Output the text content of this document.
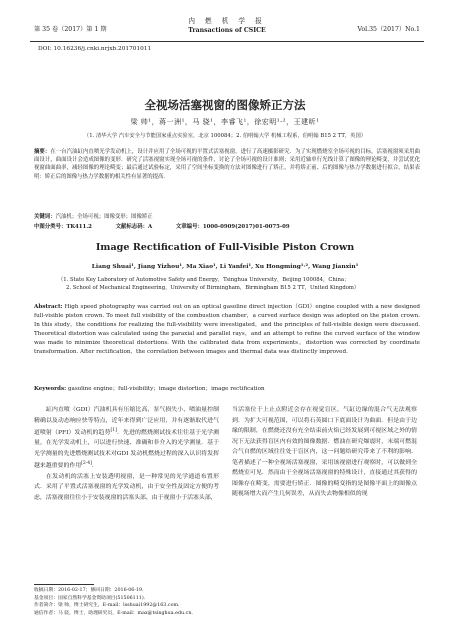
第 35 卷（2017）第 1 期
内 燃 机 学 报
Transactions of CSICE	Vol.35（2017）No.1
DOI: 10.16236/j.cnki.nrjxb.201701011
全视场活塞视窗的图像矫正方法
梁 帅¹，蒋一洲¹，马 骁¹，李睿飞¹，徐宏明¹·²，王建昕¹
（1. 清华大学 汽车安全与节能国家重点实验室，北京 100084；2. 伯明翰大学 机械工程系，伯明翰 B15 2 TT，英国）
摘要：在一台汽油缸内直喷光学发动机上，设计并应用了全场可视的平置式活塞视窗，进行了高速摄影研究．为了实现燃烧室全场可视的目标，活塞视窗须采用曲面设计，曲面设计会造成图像的变形．研究了活塞视窗实现全场可视的条件，讨论了全场可视的设计准则；采用近轴单行光线计算了图像的理论畸变，并尝试优化视窗曲面曲率，减轻图像的理论畸变；最后通过试验标定，采用了空间坐标变换的方法对图像进行了矫正，并将矫正前、后的图像与热力学数据进行拟合，结果表明：矫正后的图像与热力学数据的相关性有显著的提高．
关键词：汽油机；全场可视；图像变形；图像矫正
中图分类号：TK411.2	文献标志码：A	文章编号：1000-0909(2017)01-0075-09
Image Rectification of Full-Visible Piston Crown
Liang Shuai¹, Jiang Yizhou¹, Ma Xiao¹, Li Yanfei¹, Xu Hongming¹·², Wang Jianxin¹
（1. State Key Laboratory of Automotive Safety and Energy，Tsinghua University，Beijing 100084，China；
2. School of Mechanical Engineering，University of Birmingham，Birmingham B15 2 TT，United Kingdom）
Abstract: High speed photography was carried out on an optical gasoline direct injection（GDI）engine coupled with a new designed full-visible piston crown. To meet full visibility of the combustion chamber，a curved surface design was adopted on the piston crown. In this study，the conditions for realizing the full-visibility were investigated，and the principles of full-visible design were discussed. Theoretical distortion was calculated using the paraxial and parallel rays，and an attempt to refine the curved surface of the window was made to minimize theoretical distortions. With the calibrated data from experiments，distortion was corrected by coordinate transformation. After rectification，the correlation between images and thermal data was distinctly improved.
Keywords: gasoline engine；full-visibility；image distortion；image rectification

缸内直喷（GDI）汽油机具有压缩比高、泵气损失小、喷油量控制精确以及动态响应快等特点，近年来得到广泛应用，并有逐渐取代进气道喷射（PFI）发动机的趋势[1]．先进的燃烧测试技术往往基于光学测量，在光学发动机上，可以进行快速、准确和非介入的光学测量．基于光学测量的先进燃烧测试技术对GDI 发动机燃烧过程的深入认识将发挥越来越重要的作用[2-4]．

在发动机的活塞上安装透明视窗，是一种常见的光学通道布置形式．采用了平置式活塞视窗的光学发动机，由于安全性及固定方便的考虑，活塞视窗往往小于安装视窗的活塞头部，由于视窗小于活塞头部，

当活塞位于上止点附近会存在视觉盲区，气缸边缘的混合气无法观察到．为扩大可视范围，可以将石英圆口下底面设计为曲面．但是由于边缘的限制，在燃烧还没有充全结束前火焰已经发展到可视区域之外的情况下无法获得盲区内有效的图像数据．燃油在研究爆震时，末端可燃混合气自燃的区域往往处于盲区内，这一问题给研究带来了不利的影响．笔者描述了一种全视场活塞视窗，采用该视窗进行观察时，可以做到全燃烧室可见．然而由于全视场活塞视窗的特殊设计，直接通过其获得的图像存在畸变，需要进行矫正．图像的畸变指的是图像平面上的图像点随视场增大而产生几何误差，从而失去物像相似的现

收稿日期：2016-02-17；修回日期：2016-06-19．
基金项目：国家自然科学基金资助项目(51506111)．
作者简介：梁 帅，博士研究生，E-mail：lsshuai1992@163.com．
通信作者：马 骁，博士，助理研究员，E-mail：max@tsinghua.edu.cn．
